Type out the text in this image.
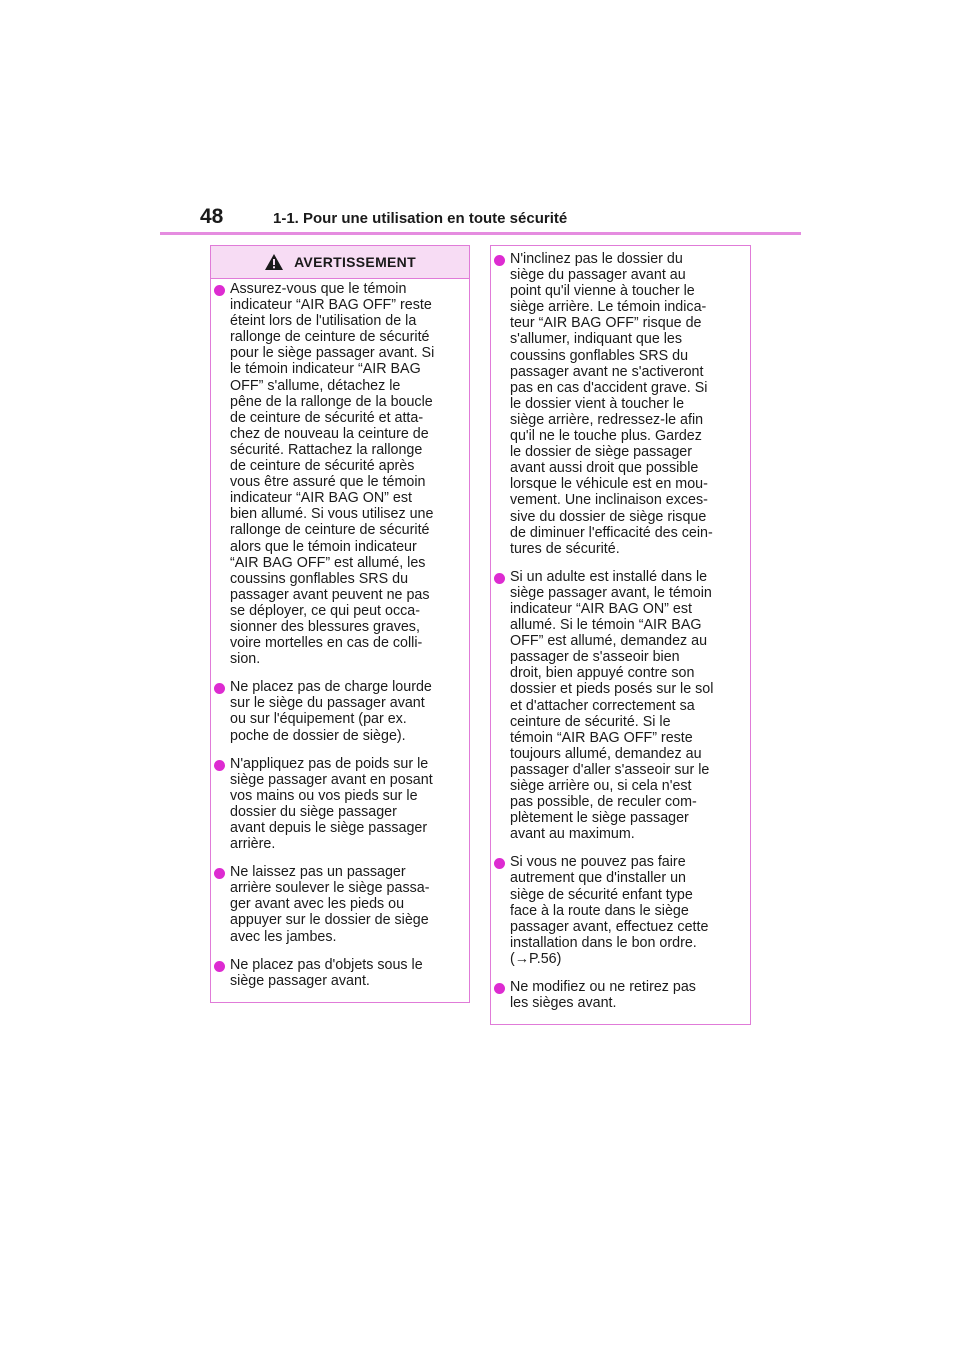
48	1-1. Pour une utilisation en toute sécurité
AVERTISSEMENT
Assurez-vous que le témoin
indicateur “AIR BAG OFF” reste
éteint lors de l'utilisation de la
rallonge de ceinture de sécurité
pour le siège passager avant. Si
le témoin indicateur “AIR BAG
OFF” s'allume, détachez le
pêne de la rallonge de la boucle
de ceinture de sécurité et atta-
chez de nouveau la ceinture de
sécurité. Rattachez la rallonge
de ceinture de sécurité après
vous être assuré que le témoin
indicateur “AIR BAG ON” est
bien allumé. Si vous utilisez une
rallonge de ceinture de sécurité
alors que le témoin indicateur
“AIR BAG OFF” est allumé, les
coussins gonflables SRS du
passager avant peuvent ne pas
se déployer, ce qui peut occa-
sionner des blessures graves,
voire mortelles en cas de colli-
sion.
Ne placez pas de charge lourde
sur le siège du passager avant
ou sur l'équipement (par ex.
poche de dossier de siège).
N'appliquez pas de poids sur le
siège passager avant en posant
vos mains ou vos pieds sur le
dossier du siège passager
avant depuis le siège passager
arrière.
Ne laissez pas un passager
arrière soulever le siège passa-
ger avant avec les pieds ou
appuyer sur le dossier de siège
avec les jambes.
Ne placez pas d'objets sous le
siège passager avant.
N'inclinez pas le dossier du
siège du passager avant au
point qu'il vienne à toucher le
siège arrière. Le témoin indica-
teur “AIR BAG OFF” risque de
s'allumer, indiquant que les
coussins gonflables SRS du
passager avant ne s'activeront
pas en cas d'accident grave. Si
le dossier vient à toucher le
siège arrière, redressez-le afin
qu'il ne le touche plus. Gardez
le dossier de siège passager
avant aussi droit que possible
lorsque le véhicule est en mou-
vement. Une inclinaison exces-
sive du dossier de siège risque
de diminuer l'efficacité des cein-
tures de sécurité.
Si un adulte est installé dans le
siège passager avant, le témoin
indicateur “AIR BAG ON” est
allumé. Si le témoin “AIR BAG
OFF” est allumé, demandez au
passager de s'asseoir bien
droit, bien appuyé contre son
dossier et pieds posés sur le sol
et d'attacher correctement sa
ceinture de sécurité. Si le
témoin “AIR BAG OFF” reste
toujours allumé, demandez au
passager d'aller s'asseoir sur le
siège arrière ou, si cela n'est
pas possible, de reculer com-
plètement le siège passager
avant au maximum.
Si vous ne pouvez pas faire
autrement que d'installer un
siège de sécurité enfant type
face à la route dans le siège
passager avant, effectuez cette
installation dans le bon ordre.
(→P.56)
Ne modifiez ou ne retirez pas
les sièges avant.
